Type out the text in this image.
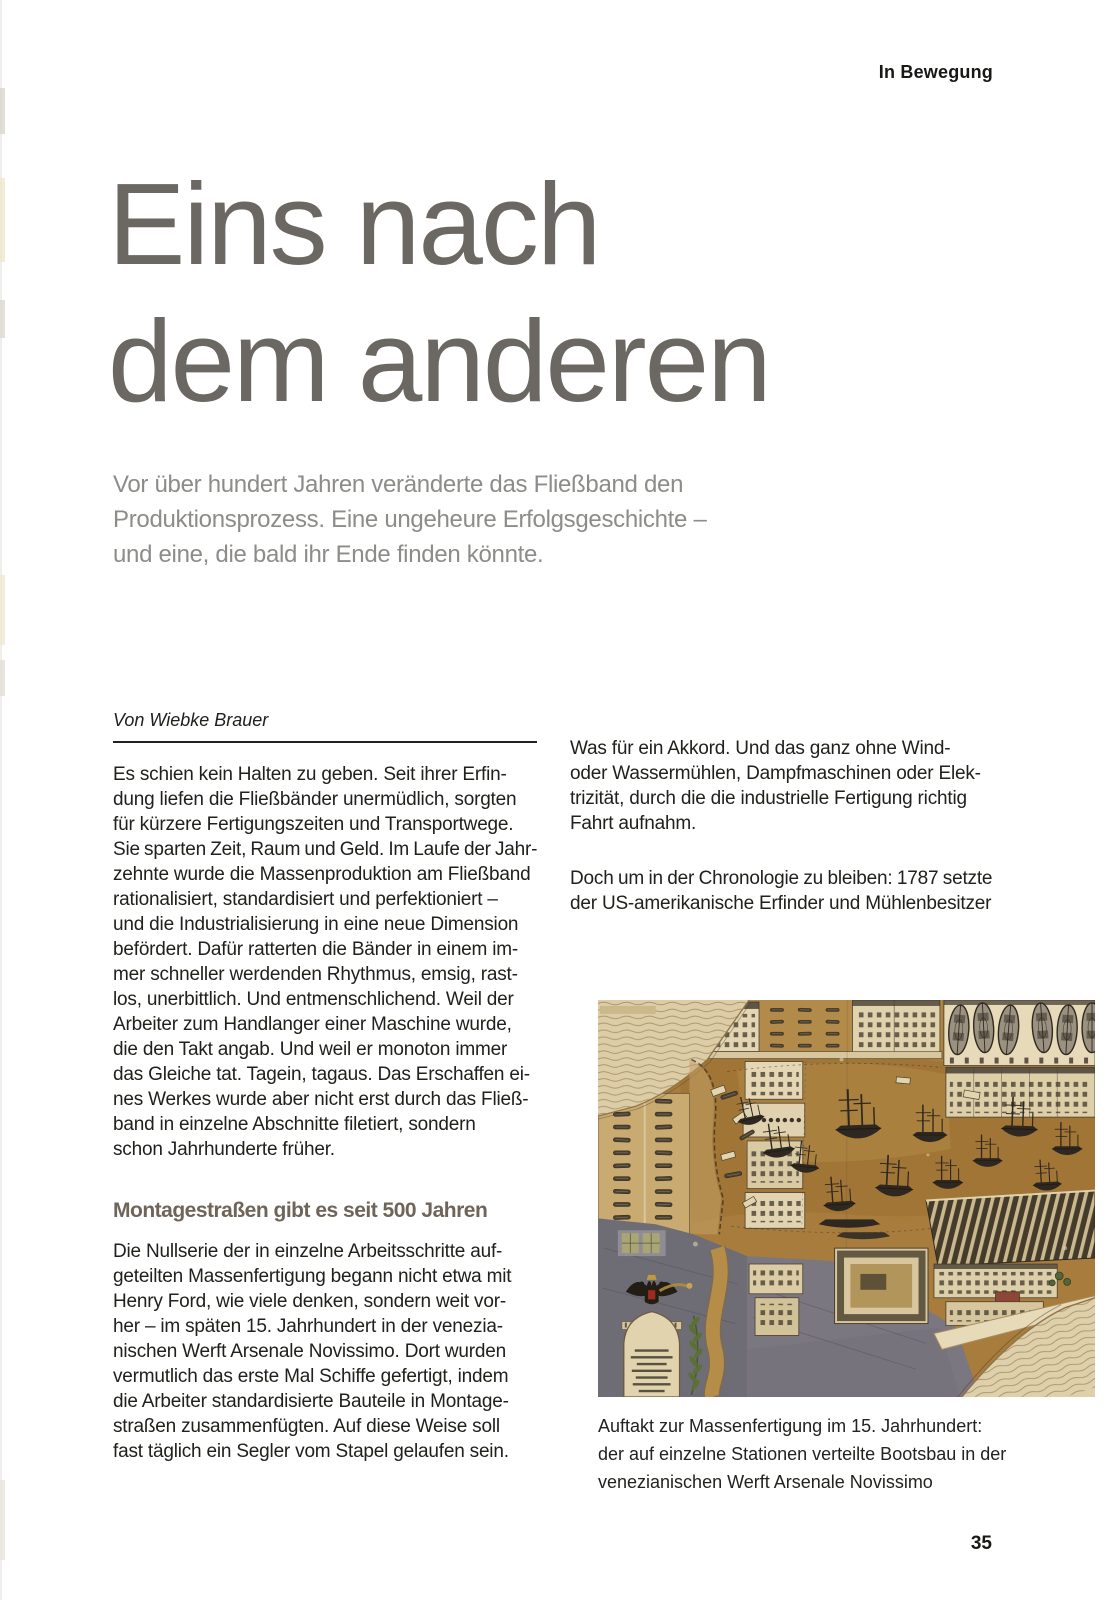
In Bewegung
Eins nach
dem anderen
Vor über hundert Jahren veränderte das Fließband den
Produktionsprozess. Eine ungeheure Erfolgsgeschichte –
und eine, die bald ihr Ende finden könnte.
Von Wiebke Brauer
Es schien kein Halten zu geben. Seit ihrer Erfin-
dung liefen die Fließbänder unermüdlich, sorgten
für kürzere Fertigungszeiten und Transportwege.
Sie sparten Zeit, Raum und Geld. Im Laufe der Jahr-
zehnte wurde die Massenproduktion am Fließband
rationalisiert, standardisiert und perfektioniert –
und die Industrialisierung in eine neue Dimension
befördert. Dafür ratterten die Bänder in einem im-
mer schneller werdenden Rhythmus, emsig, rast-
los, unerbittlich. Und entmenschlichend. Weil der
Arbeiter zum Handlanger einer Maschine wurde,
die den Takt angab. Und weil er monoton immer
das Gleiche tat. Tagein, tagaus. Das Erschaffen ei-
nes Werkes wurde aber nicht erst durch das Fließ-
band in einzelne Abschnitte filetiert, sondern
schon Jahrhunderte früher.
Montagestraßen gibt es seit 500 Jahren
Die Nullserie der in einzelne Arbeitsschritte auf-
geteilten Massenfertigung begann nicht etwa mit
Henry Ford, wie viele denken, sondern weit vor-
her – im späten 15. Jahrhundert in der venezia-
nischen Werft Arsenale Novissimo. Dort wurden
vermutlich das erste Mal Schiffe gefertigt, indem
die Arbeiter standardisierte Bauteile in Montage-
straßen zusammenfügten. Auf diese Weise soll
fast täglich ein Segler vom Stapel gelaufen sein.
Was für ein Akkord. Und das ganz ohne Wind-
oder Wassermühlen, Dampfmaschinen oder Elek-
trizität, durch die die industrielle Fertigung richtig
Fahrt aufnahm.
Doch um in der Chronologie zu bleiben: 1787 setzte
der US-amerikanische Erfinder und Mühlenbesitzer
Auftakt zur Massenfertigung im 15. Jahrhundert:
der auf einzelne Stationen verteilte Bootsbau in der
venezianischen Werft Arsenale Novissimo
35
